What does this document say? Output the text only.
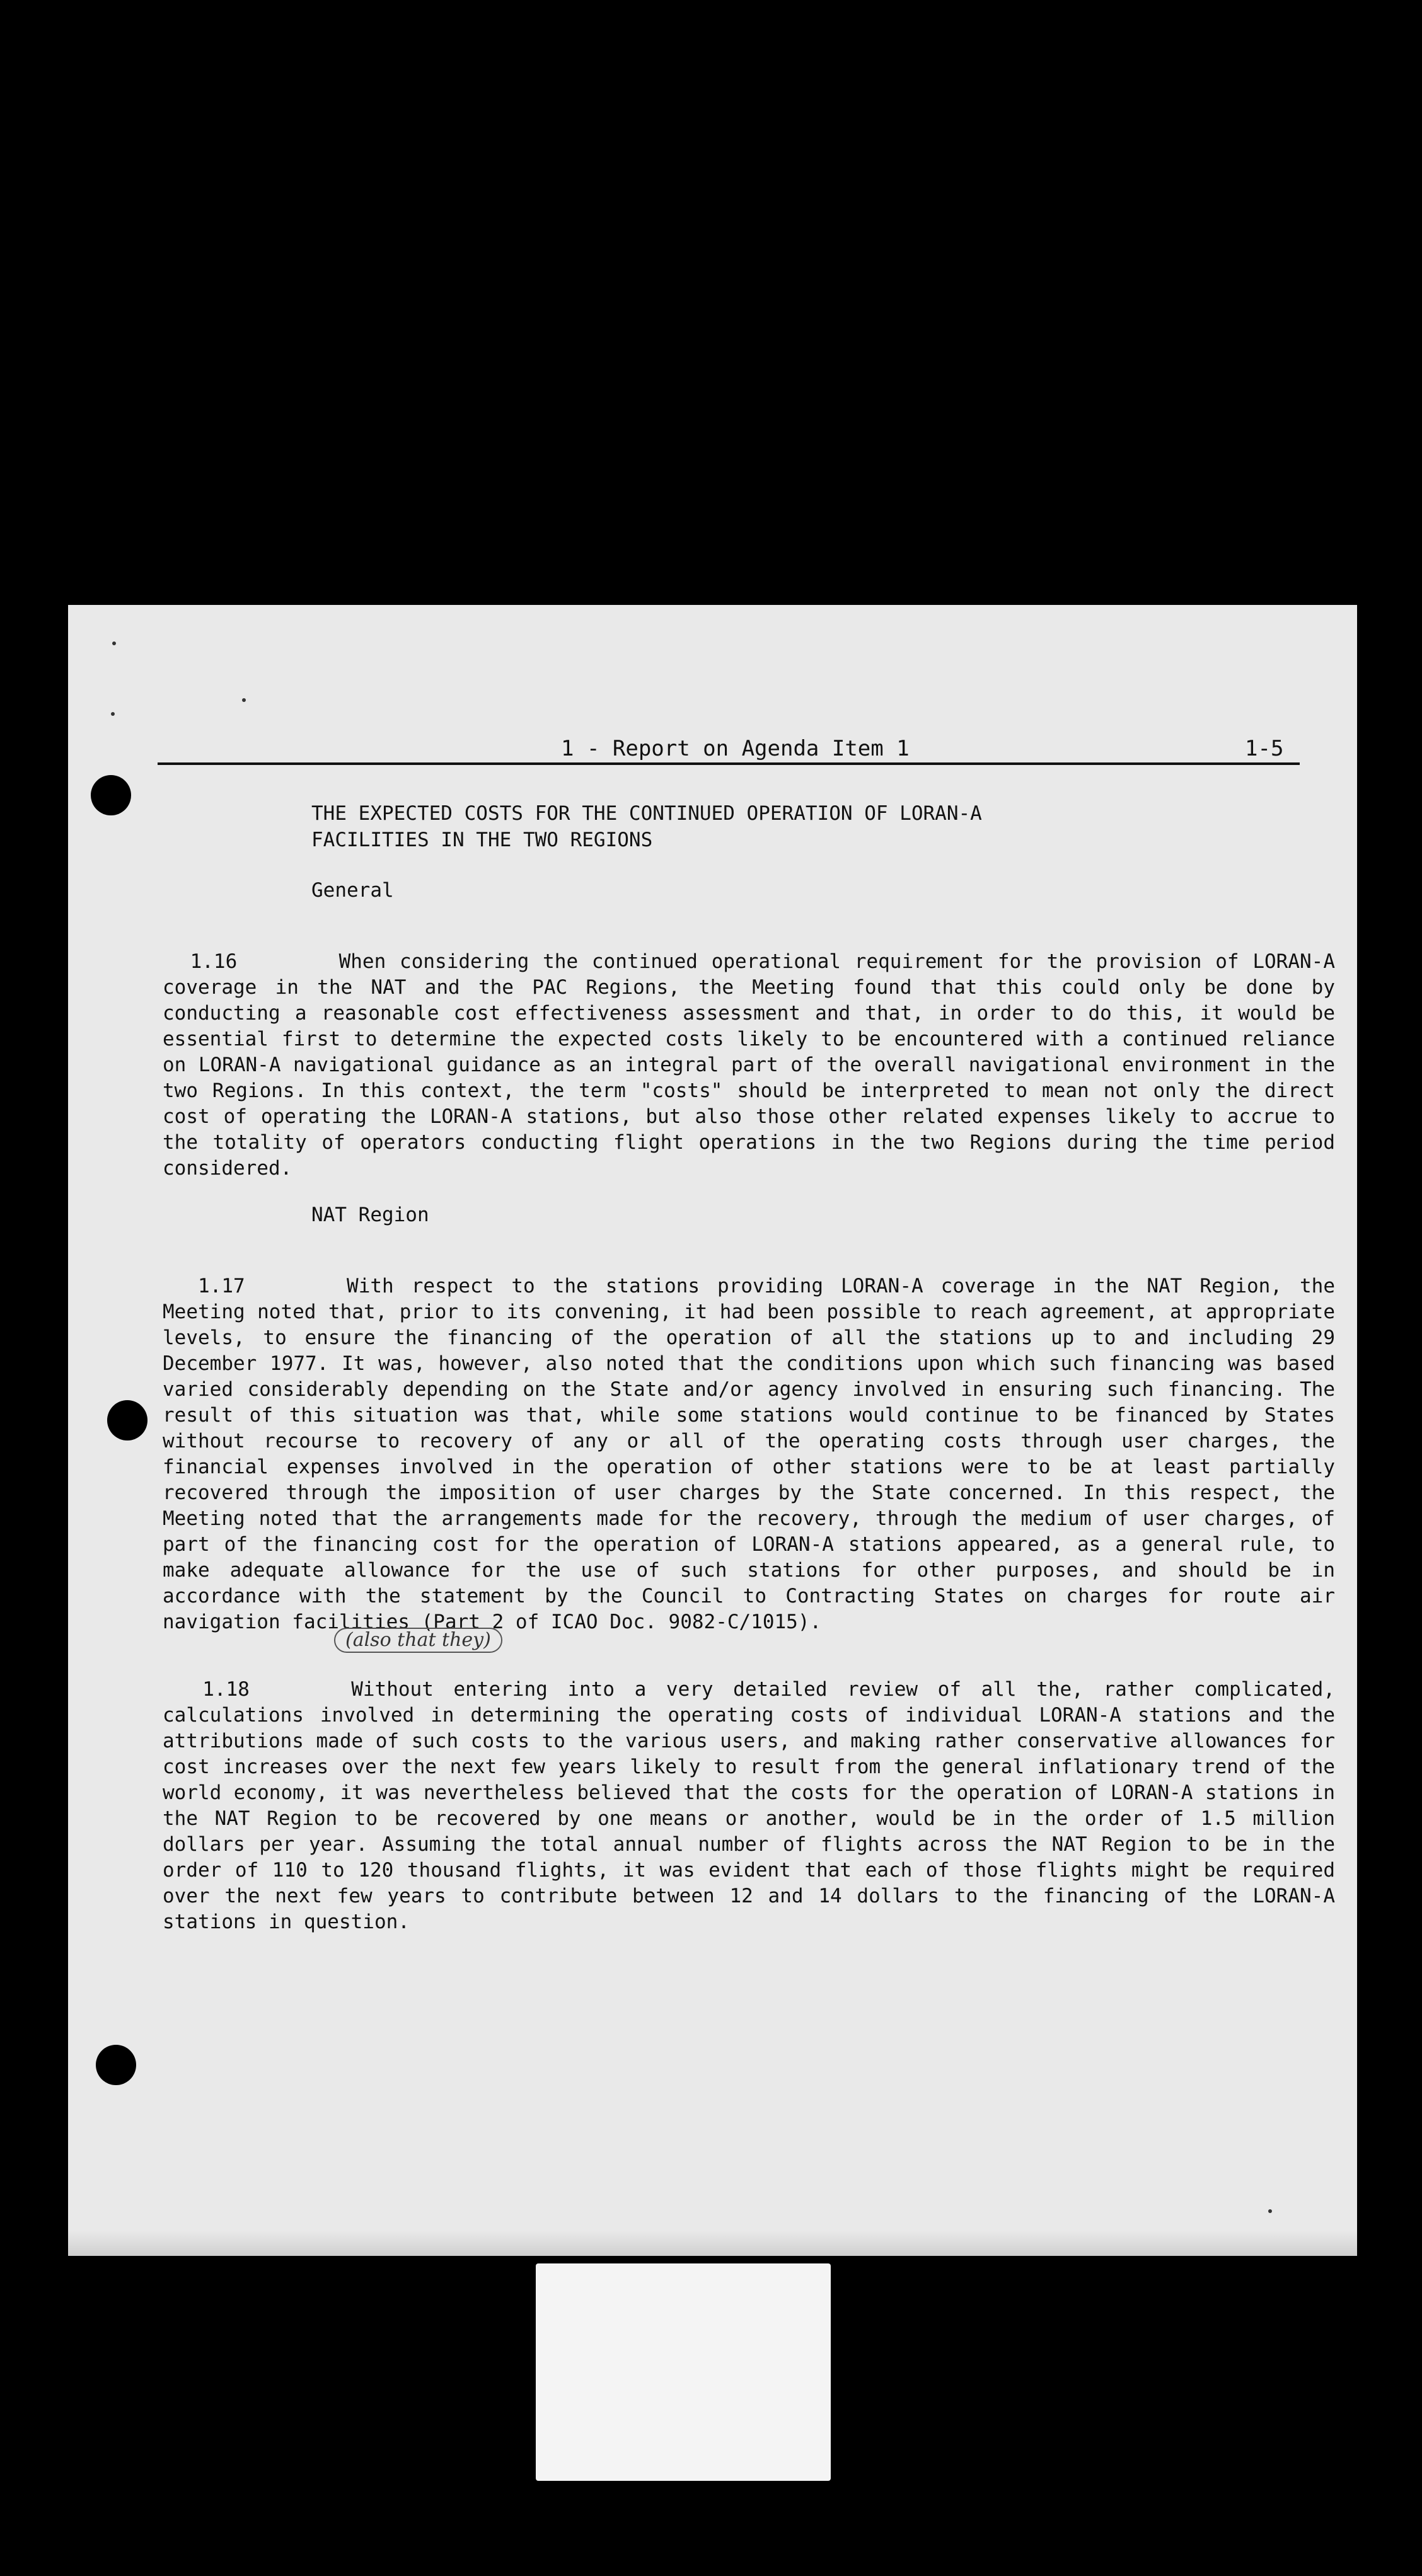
1 - Report on Agenda Item 1	1-5
THE EXPECTED COSTS FOR THE CONTINUED OPERATION OF LORAN-A
FACILITIES IN THE TWO REGIONS
General

1.16	When considering the continued operational requirement for the provision of LORAN-A coverage in the NAT and the PAC Regions, the Meeting found that this could only be done by conducting a reasonable cost effectiveness assessment and that, in order to do this, it would be essential first to determine the expected costs likely to be encountered with a continued reliance on LORAN-A navigational guidance as an integral part of the overall navigational environment in the two Regions. In this context, the term "costs" should be interpreted to mean not only the direct cost of operating the LORAN-A stations, but also those other related expenses likely to accrue to the totality of operators conducting flight operations in the two Regions during the time period considered.

NAT Region

1.17	With respect to the stations providing LORAN-A coverage in the NAT Region, the Meeting noted that, prior to its convening, it had been possible to reach agreement, at appropriate levels, to ensure the financing of the operation of all the stations up to and including 29 December 1977. It was, however, also noted that the conditions upon which such financing was based varied considerably depending on the State and/or agency involved in ensuring such financing. The result of this situation was that, while some stations would continue to be financed by States without recourse to recovery of any or all of the operating costs through user charges, the financial expenses involved in the operation of other stations were to be at least partially recovered through the imposition of user charges by the State concerned. In this respect, the Meeting noted that the arrangements made for the recovery, through the medium of user charges, of part of the financing cost for the operation of LORAN-A stations appeared, as a general rule, to make adequate allowance for the use of such stations for other purposes, and should be in accordance with the statement by the Council to Contracting States on charges for route air navigation facilities (Part 2 of ICAO Doc. 9082-C/1015).

(also that they)

1.18	Without entering into a very detailed review of all the, rather complicated, calculations involved in determining the operating costs of individual LORAN-A stations and the attributions made of such costs to the various users, and making rather conservative allowances for cost increases over the next few years likely to result from the general inflationary trend of the world economy, it was nevertheless believed that the costs for the operation of LORAN-A stations in the NAT Region to be recovered by one means or another, would be in the order of 1.5 million dollars per year. Assuming the total annual number of flights across the NAT Region to be in the order of 110 to 120 thousand flights, it was evident that each of those flights might be required over the next few years to contribute between 12 and 14 dollars to the financing of the LORAN-A stations in question.
